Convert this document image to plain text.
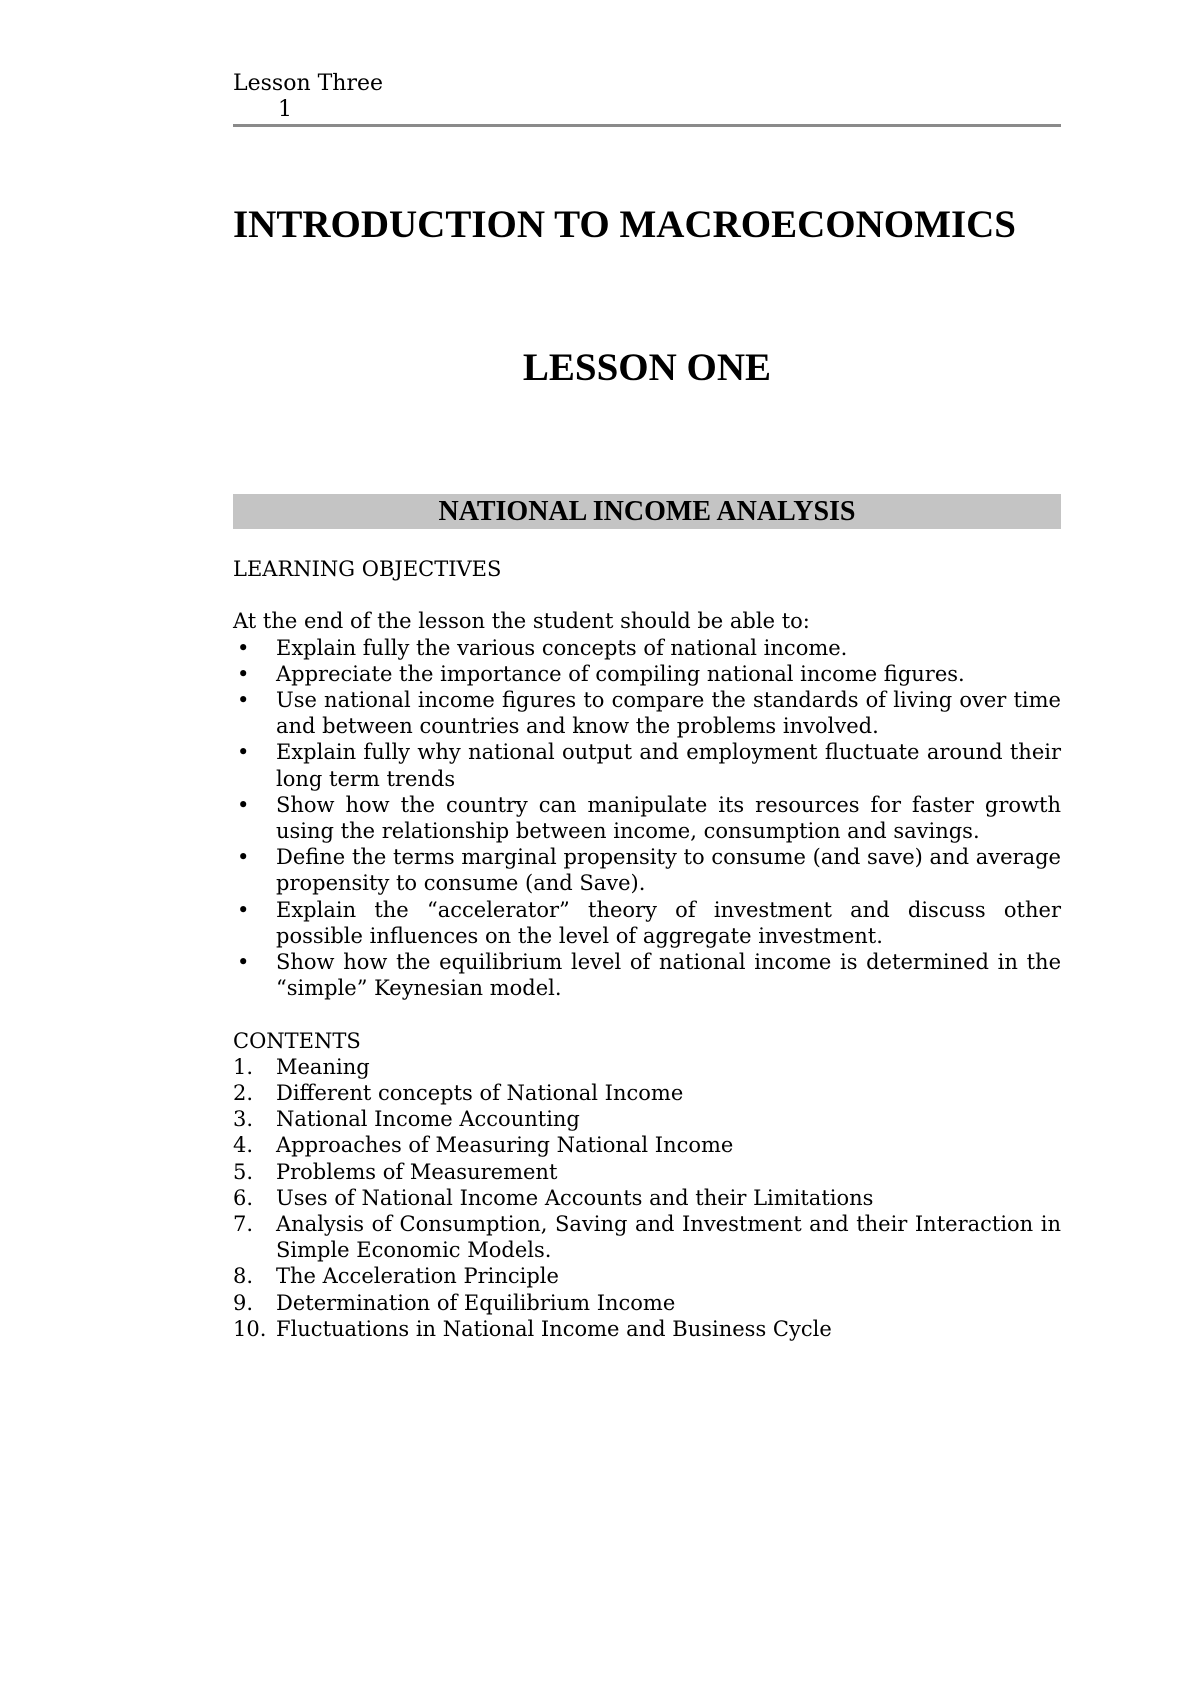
Lesson Three
1
INTRODUCTION TO MACROECONOMICS
LESSON ONE
NATIONAL INCOME ANALYSIS
LEARNING OBJECTIVES
At the end of the lesson the student should be able to:
•	Explain fully the various concepts of national income.
•	Appreciate the importance of compiling national income figures.
•	Use national income figures to compare the standards of living over time and between countries and know the problems involved.
•	Explain fully why national output and employment fluctuate around their long term trends
•	Show how the country can manipulate its resources for faster growth using the relationship between income, consumption and savings.
•	Define the terms marginal propensity to consume (and save) and average propensity to consume (and Save).
•	Explain the “accelerator” theory of investment and discuss other possible influences on the level of aggregate investment.
•	Show how the equilibrium level of national income is determined in the “simple” Keynesian model.
CONTENTS
1. Meaning
2. Different concepts of National Income
3. National Income Accounting
4. Approaches of Measuring National Income
5. Problems of Measurement
6. Uses of National Income Accounts and their Limitations
7. Analysis of Consumption, Saving and Investment and their Interaction in Simple Economic Models.
8. The Acceleration Principle
9. Determination of Equilibrium Income
10. Fluctuations in National Income and Business Cycle
